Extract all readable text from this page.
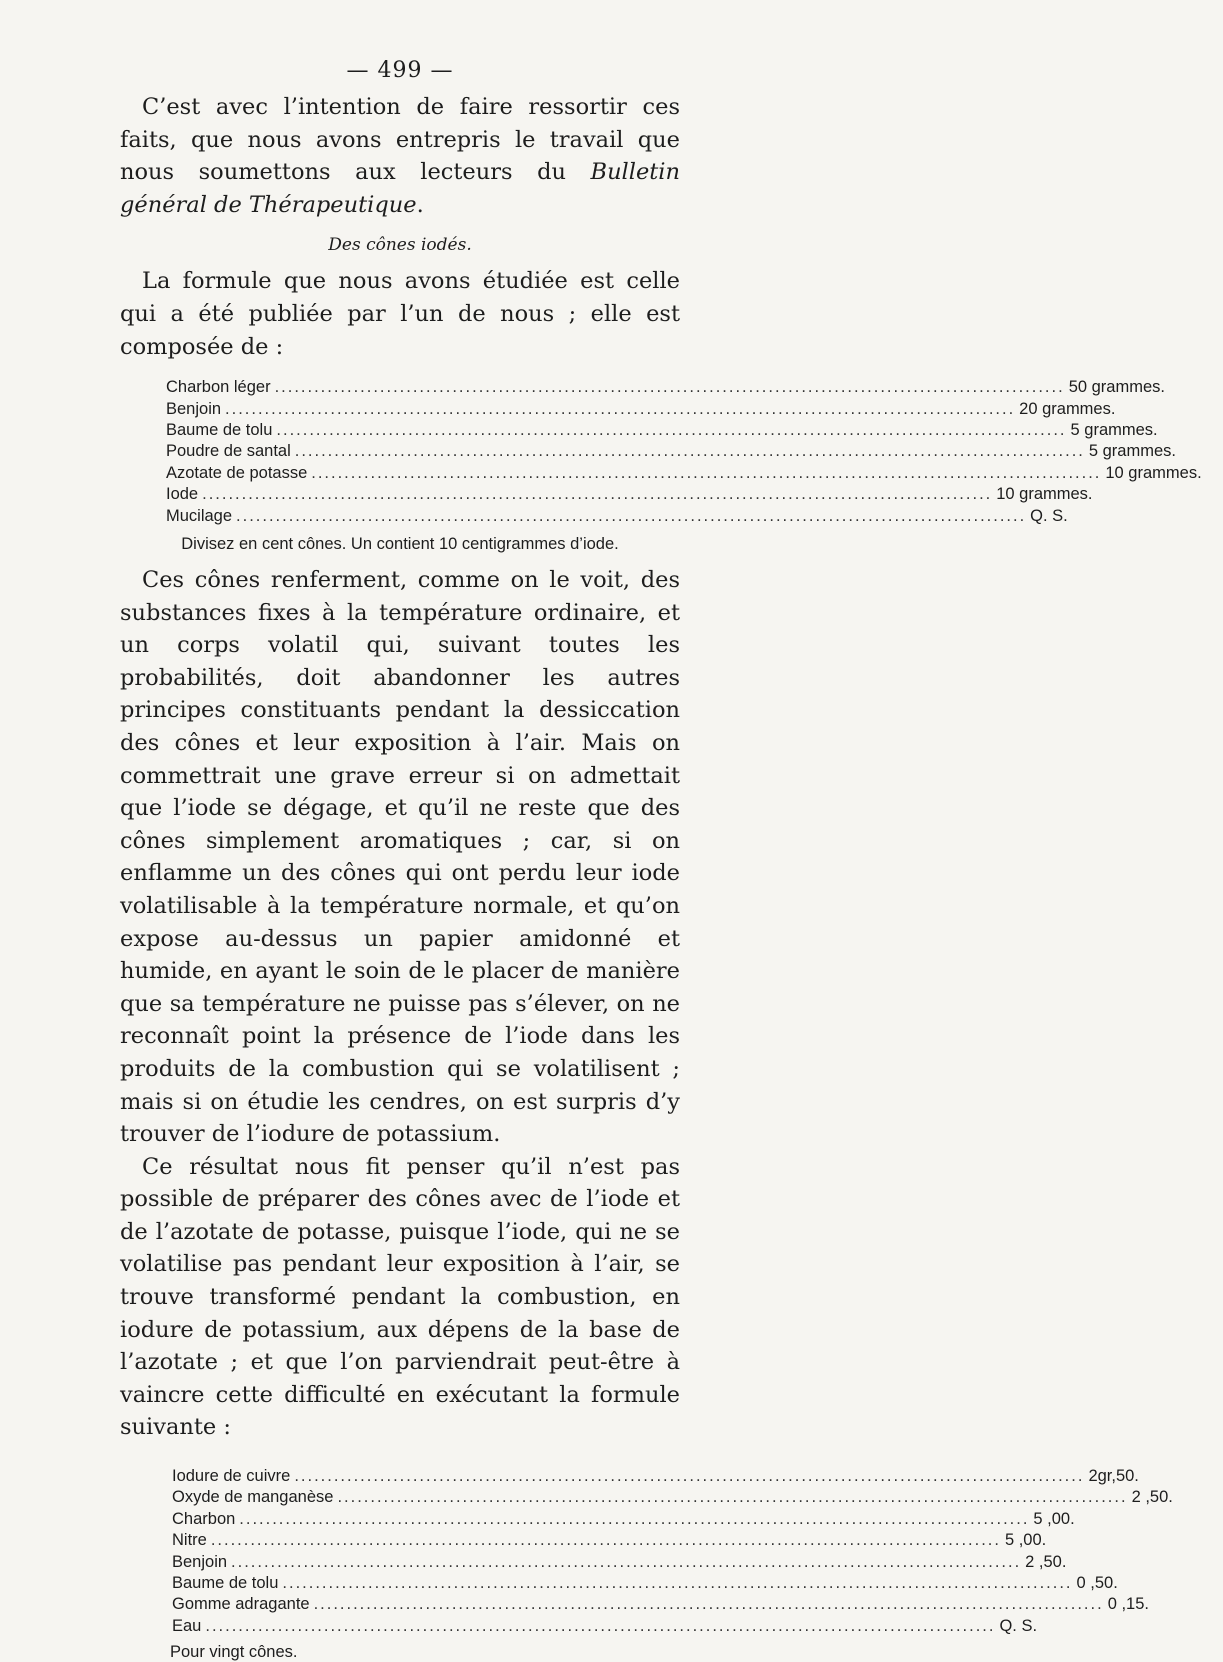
— 499 —

C’est avec l’intention de faire ressortir ces faits, que nous avons entrepris le travail que nous soumettons aux lecteurs du Bulletin général de Thérapeutique.

Des cônes iodés.

La formule que nous avons étudiée est celle qui a été publiée par l’un de nous ; elle est composée de :

Charbon léger ........................................................................................................................ 50 grammes.
Benjoin ........................................................................................................................ 20 grammes.
Baume de tolu ........................................................................................................................ 5 grammes.
Poudre de santal ........................................................................................................................ 5 grammes.
Azotate de potasse ........................................................................................................................ 10 grammes.
Iode ........................................................................................................................ 10 grammes.
Mucilage ........................................................................................................................ Q. S.
Divisez en cent cônes. Un contient 10 centigrammes d’iode.

Ces cônes renferment, comme on le voit, des substances fixes à la température ordinaire, et un corps volatil qui, suivant toutes les probabilités, doit abandonner les autres principes constituants pendant la dessiccation des cônes et leur exposition à l’air. Mais on commettrait une grave erreur si on admettait que l’iode se dégage, et qu’il ne reste que des cônes simplement aromatiques ; car, si on enflamme un des cônes qui ont perdu leur iode volatilisable à la température normale, et qu’on expose au-dessus un papier amidonné et humide, en ayant le soin de le placer de manière que sa température ne puisse pas s’élever, on ne reconnaît point la présence de l’iode dans les produits de la combustion qui se volatilisent ; mais si on étudie les cendres, on est surpris d’y trouver de l’iodure de potassium.

Ce résultat nous fit penser qu’il n’est pas possible de préparer des cônes avec de l’iode et de l’azotate de potasse, puisque l’iode, qui ne se volatilise pas pendant leur exposition à l’air, se trouve transformé pendant la combustion, en iodure de potassium, aux dépens de la base de l’azotate ; et que l’on parviendrait peut-être à vaincre cette difficulté en exécutant la formule suivante :

Iodure de cuivre ........................................................................................................................ 2gr,50.
Oxyde de manganèse ........................................................................................................................ 2 ,50.
Charbon ........................................................................................................................ 5 ,00.
Nitre ........................................................................................................................ 5 ,00.
Benjoin ........................................................................................................................ 2 ,50.
Baume de tolu ........................................................................................................................ 0 ,50.
Gomme adragante ........................................................................................................................ 0 ,15.
Eau ........................................................................................................................ Q. S.
Pour vingt cônes.
